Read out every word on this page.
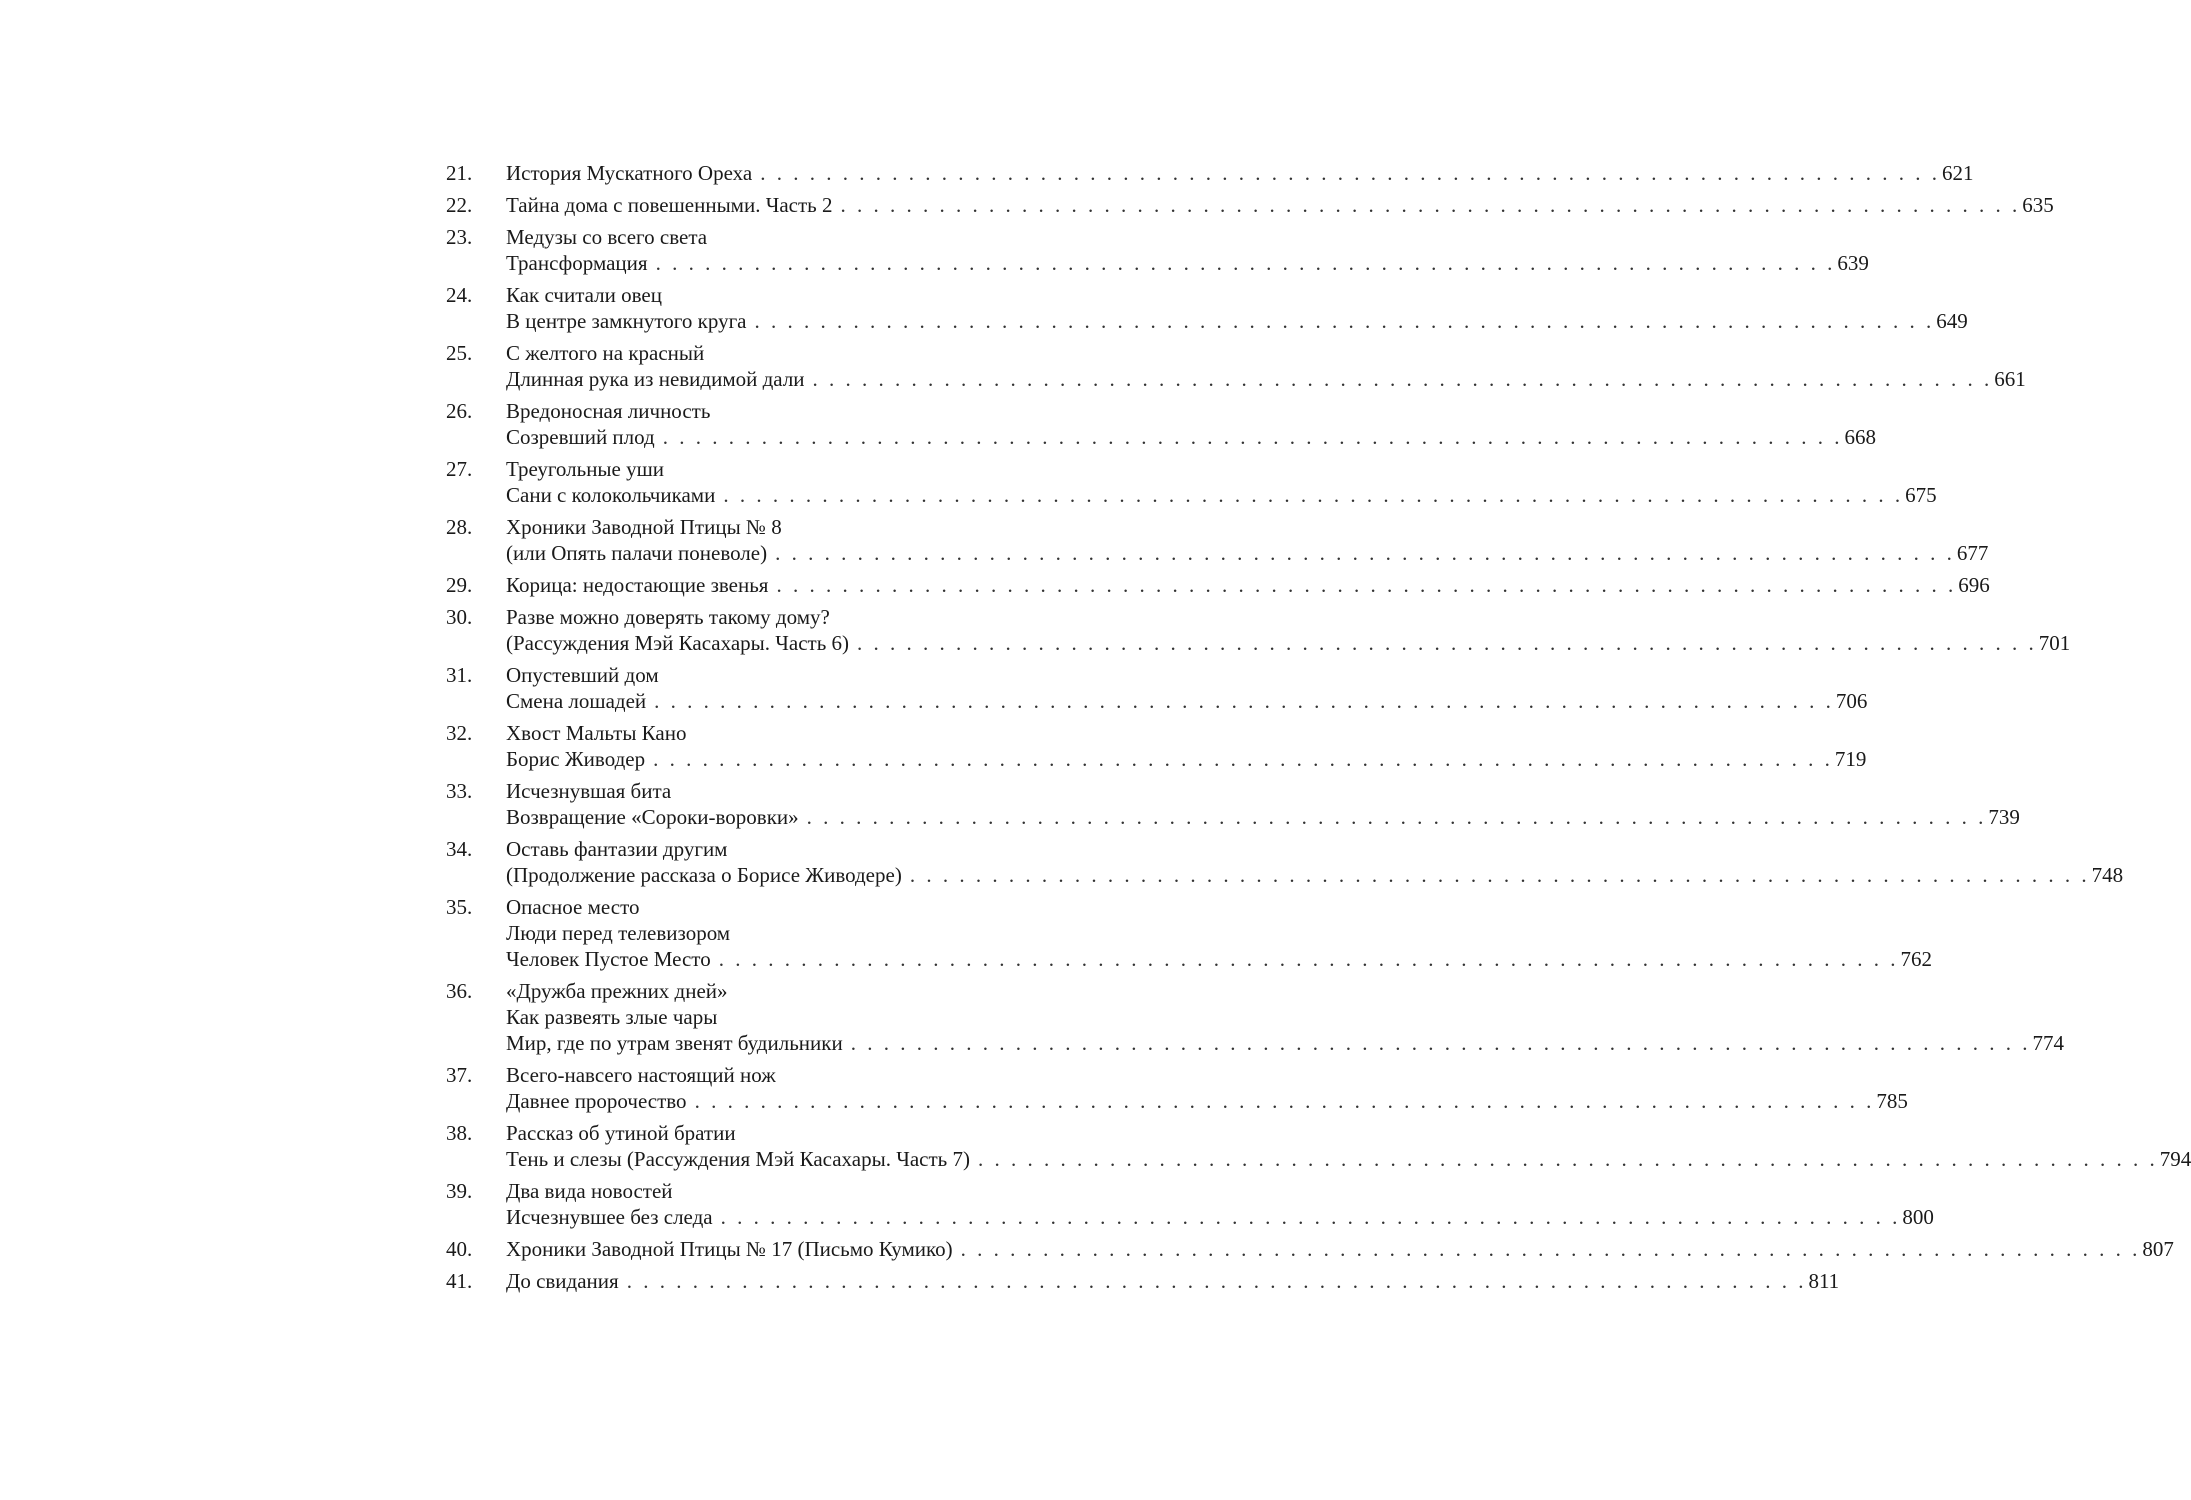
21.	История Мускатного Ореха . . . . . . . . . . . . . . . . . . . . . . . . . . . . . . . . . . . . . . . . . . . . . . . . . . . . . . . . . . . . . . . . . . . . . . . . 621
22.	Тайна дома с повешенными. Часть 2 . . . . . . . . . . . . . . . . . . . . . . . . . . . . . . . . . . . . . . . . . . . . . . . . . . . . . . . . . . . . . . . . . . . . . . . . 635
23.	Медузы со всего света
Трансформация . . . . . . . . . . . . . . . . . . . . . . . . . . . . . . . . . . . . . . . . . . . . . . . . . . . . . . . . . . . . . . . . . . . . . . . . 639
24.	Как считали овец
В центре замкнутого круга . . . . . . . . . . . . . . . . . . . . . . . . . . . . . . . . . . . . . . . . . . . . . . . . . . . . . . . . . . . . . . . . . . . . . . . . 649
25.	С желтого на красный
Длинная рука из невидимой дали . . . . . . . . . . . . . . . . . . . . . . . . . . . . . . . . . . . . . . . . . . . . . . . . . . . . . . . . . . . . . . . . . . . . . . . . 661
26.	Вредоносная личность
Созревший плод . . . . . . . . . . . . . . . . . . . . . . . . . . . . . . . . . . . . . . . . . . . . . . . . . . . . . . . . . . . . . . . . . . . . . . . . 668
27.	Треугольные уши
Сани с колокольчиками . . . . . . . . . . . . . . . . . . . . . . . . . . . . . . . . . . . . . . . . . . . . . . . . . . . . . . . . . . . . . . . . . . . . . . . . 675
28.	Хроники Заводной Птицы № 8
(или Опять палачи поневоле) . . . . . . . . . . . . . . . . . . . . . . . . . . . . . . . . . . . . . . . . . . . . . . . . . . . . . . . . . . . . . . . . . . . . . . . . 677
29.	Корица: недостающие звенья . . . . . . . . . . . . . . . . . . . . . . . . . . . . . . . . . . . . . . . . . . . . . . . . . . . . . . . . . . . . . . . . . . . . . . . . 696
30.	Разве можно доверять такому дому?
(Рассуждения Мэй Касахары. Часть 6) . . . . . . . . . . . . . . . . . . . . . . . . . . . . . . . . . . . . . . . . . . . . . . . . . . . . . . . . . . . . . . . . . . . . . . . . 701
31.	Опустевший дом
Смена лошадей . . . . . . . . . . . . . . . . . . . . . . . . . . . . . . . . . . . . . . . . . . . . . . . . . . . . . . . . . . . . . . . . . . . . . . . . 706
32.	Хвост Мальты Кано
Борис Живодер . . . . . . . . . . . . . . . . . . . . . . . . . . . . . . . . . . . . . . . . . . . . . . . . . . . . . . . . . . . . . . . . . . . . . . . . 719
33.	Исчезнувшая бита
Возвращение «Сороки-воровки» . . . . . . . . . . . . . . . . . . . . . . . . . . . . . . . . . . . . . . . . . . . . . . . . . . . . . . . . . . . . . . . . . . . . . . . . 739
34.	Оставь фантазии другим
(Продолжение рассказа о Борисе Живодере) . . . . . . . . . . . . . . . . . . . . . . . . . . . . . . . . . . . . . . . . . . . . . . . . . . . . . . . . . . . . . . . . . . . . . . . . 748
35.	Опасное место
Люди перед телевизором
Человек Пустое Место . . . . . . . . . . . . . . . . . . . . . . . . . . . . . . . . . . . . . . . . . . . . . . . . . . . . . . . . . . . . . . . . . . . . . . . . 762
36.	«Дружба прежних дней»
Как развеять злые чары
Мир, где по утрам звенят будильники . . . . . . . . . . . . . . . . . . . . . . . . . . . . . . . . . . . . . . . . . . . . . . . . . . . . . . . . . . . . . . . . . . . . . . . . 774
37.	Всего-навсего настоящий нож
Давнее пророчество . . . . . . . . . . . . . . . . . . . . . . . . . . . . . . . . . . . . . . . . . . . . . . . . . . . . . . . . . . . . . . . . . . . . . . . . 785
38.	Рассказ об утиной братии
Тень и слезы (Рассуждения Мэй Касахары. Часть 7) . . . . . . . . . . . . . . . . . . . . . . . . . . . . . . . . . . . . . . . . . . . . . . . . . . . . . . . . . . . . . . . . . . . . . . . . 794
39.	Два вида новостей
Исчезнувшее без следа . . . . . . . . . . . . . . . . . . . . . . . . . . . . . . . . . . . . . . . . . . . . . . . . . . . . . . . . . . . . . . . . . . . . . . . . 800
40.	Хроники Заводной Птицы № 17 (Письмо Кумико) . . . . . . . . . . . . . . . . . . . . . . . . . . . . . . . . . . . . . . . . . . . . . . . . . . . . . . . . . . . . . . . . . . . . . . . . 807
41.	До свидания . . . . . . . . . . . . . . . . . . . . . . . . . . . . . . . . . . . . . . . . . . . . . . . . . . . . . . . . . . . . . . . . . . . . . . . . 811
